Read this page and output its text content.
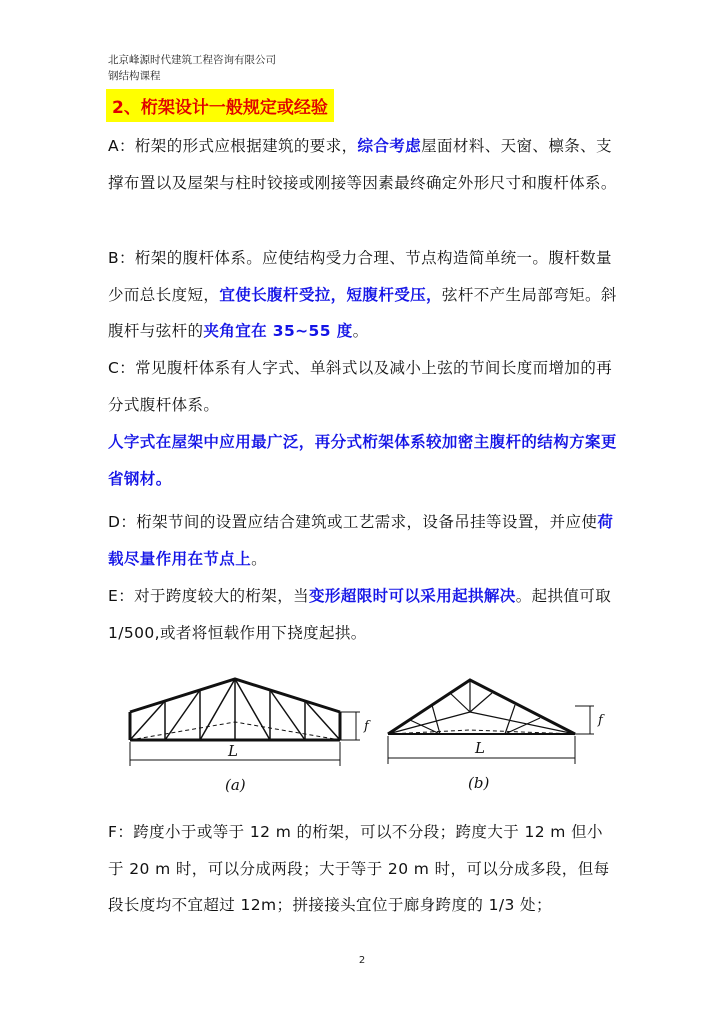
北京峰源时代建筑工程咨询有限公司
钢结构课程
2、桁架设计一般规定或经验

A：桁架的形式应根据建筑的要求，综合考虑屋面材料、天窗、檩条、支撑布置以及屋架与柱时铰接或刚接等因素最终确定外形尺寸和腹杆体系。

B：桁架的腹杆体系。应使结构受力合理、节点构造简单统一。腹杆数量少而总长度短，宜使长腹杆受拉，短腹杆受压，弦杆不产生局部弯矩。斜腹杆与弦杆的夹角宜在 35~55 度。

C：常见腹杆体系有人字式、单斜式以及减小上弦的节间长度而增加的再分式腹杆体系。

人字式在屋架中应用最广泛，再分式桁架体系较加密主腹杆的结构方案更省钢材。

D：桁架节间的设置应结合建筑或工艺需求，设备吊挂等设置，并应使荷载尽量作用在节点上。

E：对于跨度较大的桁架，当变形超限时可以采用起拱解决。起拱值可取 1/500,或者将恒载作用下挠度起拱。

L
f
(a)
L
f
(b)

F：跨度小于或等于 12 m 的桁架，可以不分段；跨度大于 12 m 但小于 20 m 时，可以分成两段；大于等于 20 m 时，可以分成多段，但每段长度均不宜超过 12m；拼接接头宜位于廊身跨度的 1/3 处；

2
